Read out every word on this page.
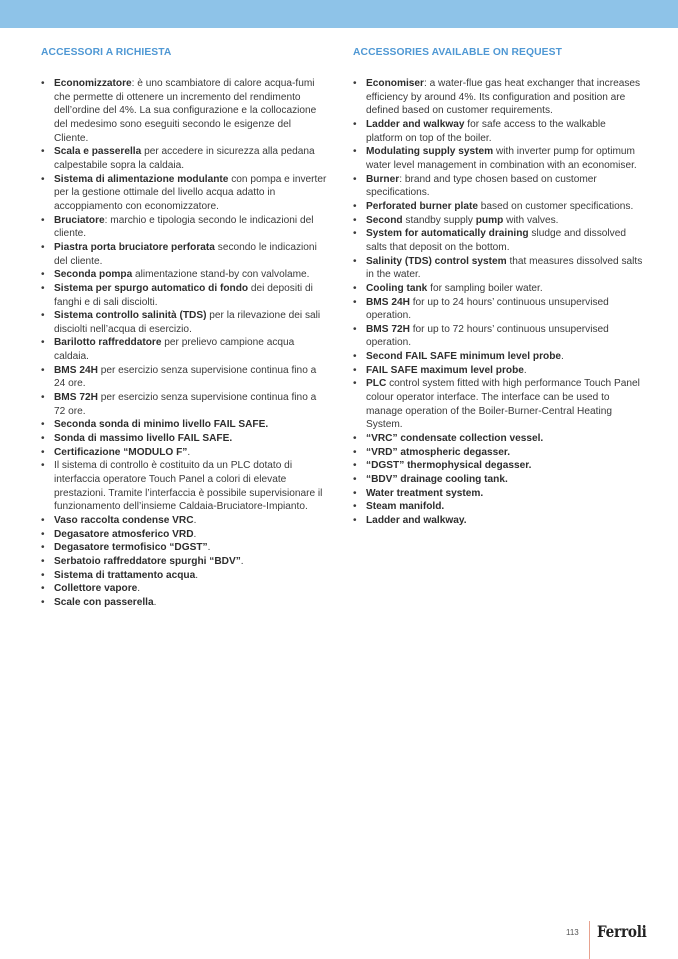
ACCESSORI A RICHIESTA
• Economizzatore: è uno scambiatore di calore acqua-fumi che permette di ottenere un incremento del rendimento dell’ordine del 4%. La sua configurazione e la collocazione del medesimo sono eseguiti secondo le esigenze del Cliente.
• Scala e passerella per accedere in sicurezza alla pedana calpestabile sopra la caldaia.
• Sistema di alimentazione modulante con pompa e inverter per la gestione ottimale del livello acqua adatto in accoppiamento con economizzatore.
• Bruciatore: marchio e tipologia secondo le indicazioni del cliente.
• Piastra porta bruciatore perforata secondo le indicazioni del cliente.
• Seconda pompa alimentazione stand-by con valvolame.
• Sistema per spurgo automatico di fondo dei depositi di fanghi e di sali disciolti.
• Sistema controllo salinità (TDS) per la rilevazione dei sali disciolti nell’acqua di esercizio.
• Barilotto raffreddatore per prelievo campione acqua caldaia.
• BMS 24H per esercizio senza supervisione continua fino a 24 ore.
• BMS 72H per esercizio senza supervisione continua fino a 72 ore.
• Seconda sonda di minimo livello FAIL SAFE.
• Sonda di massimo livello FAIL SAFE.
• Certificazione “MODULO F”.
• Il sistema di controllo è costituito da un PLC dotato di interfaccia operatore Touch Panel a colori di elevate prestazioni. Tramite l’interfaccia è possibile supervisionare il funzionamento dell’insieme Caldaia-Bruciatore-Impianto.
• Vaso raccolta condense VRC.
• Degasatore atmosferico VRD.
• Degasatore termofisico “DGST”.
• Serbatoio raffreddatore spurghi “BDV”.
• Sistema di trattamento acqua.
• Collettore vapore.
• Scale con passerella.
ACCESSORIES AVAILABLE ON REQUEST
• Economiser: a water-flue gas heat exchanger that increases efficiency by around 4%. Its configuration and position are defined based on customer requirements.
• Ladder and walkway for safe access to the walkable platform on top of the boiler.
• Modulating supply system with inverter pump for optimum water level management in combination with an economiser.
• Burner: brand and type chosen based on customer specifications.
• Perforated burner plate based on customer specifications.
• Second standby supply pump with valves.
• System for automatically draining sludge and dissolved salts that deposit on the bottom.
• Salinity (TDS) control system that measures dissolved salts in the water.
• Cooling tank for sampling boiler water.
• BMS 24H for up to 24 hours’ continuous unsupervised operation.
• BMS 72H for up to 72 hours’ continuous unsupervised operation.
• Second FAIL SAFE minimum level probe.
• FAIL SAFE maximum level probe.
• PLC control system fitted with high performance Touch Panel colour operator interface. The interface can be used to manage operation of the Boiler-Burner-Central Heating System.
• “VRC” condensate collection vessel.
• “VRD” atmospheric degasser.
• “DGST” thermophysical degasser.
• “BDV” drainage cooling tank.
• Water treatment system.
• Steam manifold.
• Ladder and walkway.
113 Ferroli
